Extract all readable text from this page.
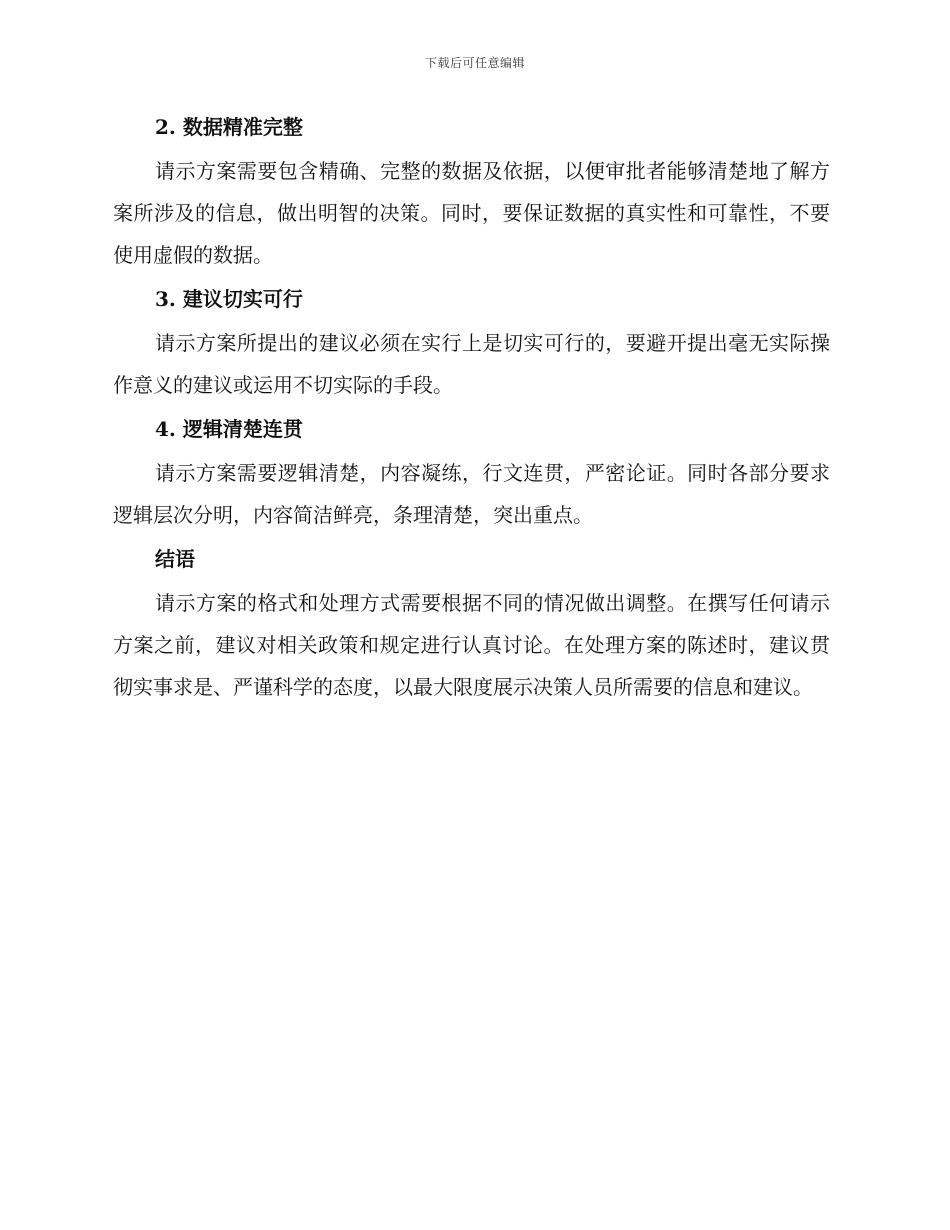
下载后可任意编辑
2. 数据精准完整

请示方案需要包含精确、完整的数据及依据，以便审批者能够清楚地了解方案所涉及的信息，做出明智的决策。同时，要保证数据的真实性和可靠性，不要使用虚假的数据。

3. 建议切实可行

请示方案所提出的建议必须在实行上是切实可行的，要避开提出毫无实际操作意义的建议或运用不切实际的手段。

4. 逻辑清楚连贯

请示方案需要逻辑清楚，内容凝练，行文连贯，严密论证。同时各部分要求逻辑层次分明，内容简洁鲜亮，条理清楚，突出重点。

结语

请示方案的格式和处理方式需要根据不同的情况做出调整。在撰写任何请示方案之前，建议对相关政策和规定进行认真讨论。在处理方案的陈述时，建议贯彻实事求是、严谨科学的态度，以最大限度展示决策人员所需要的信息和建议。
